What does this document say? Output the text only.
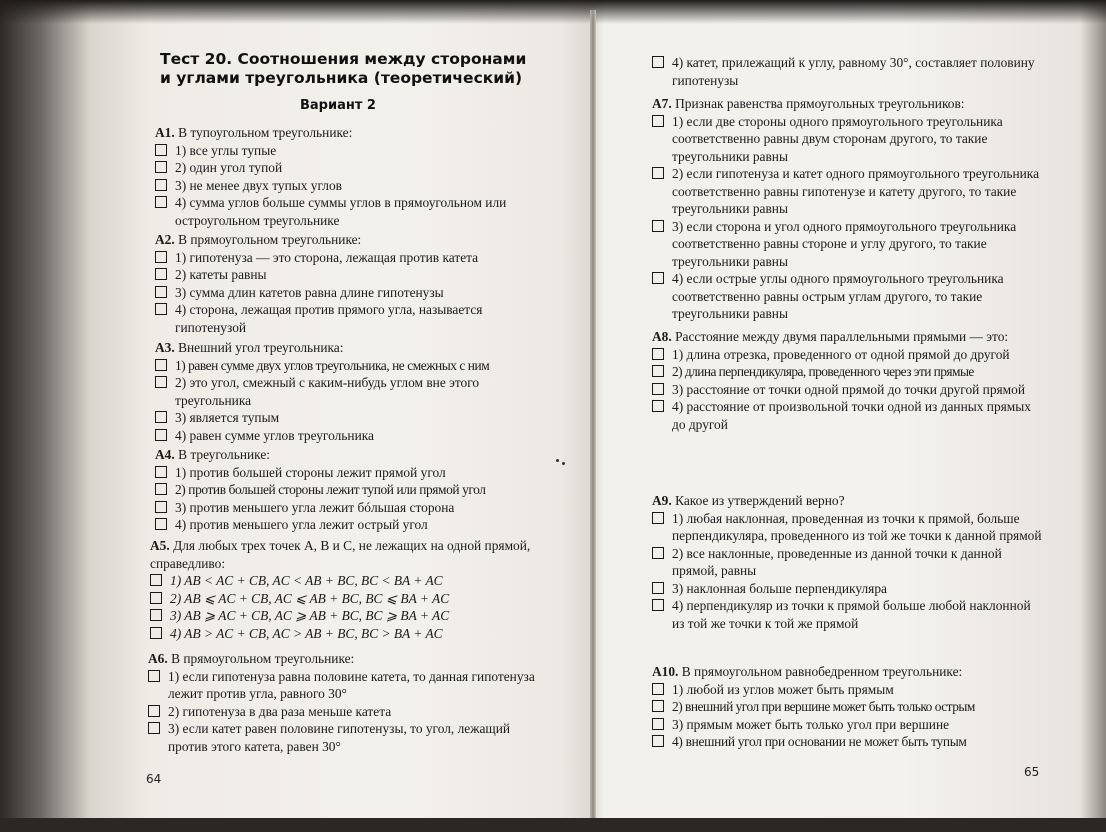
Тест 20. Соотношения между сторонами
и углами треугольника (теоретический)
Вариант 2
A1. В тупоугольном треугольнике:
1) все углы тупые
2) один угол тупой
3) не менее двух тупых углов
4) сумма углов больше суммы углов в прямоугольном или остроугольном треугольнике
A2. В прямоугольном треугольнике:
1) гипотенуза — это сторона, лежащая против катета
2) катеты равны
3) сумма длин катетов равна длине гипотенузы
4) сторона, лежащая против прямого угла, называется гипотенузой
A3. Внешний угол треугольника:
1) равен сумме двух углов треугольника, не смежных с ним
2) это угол, смежный с каким-нибудь углом вне этого треугольника
3) является тупым
4) равен сумме углов треугольника
A4. В треугольнике:
1) против большей стороны лежит прямой угол
2) против большей стороны лежит тупой или прямой угол
3) против меньшего угла лежит бóльшая сторона
4) против меньшего угла лежит острый угол
A5. Для любых трех точек A, B и C, не лежащих на одной прямой, справедливо:
1) AB < AC + CB, AC < AB + BC, BC < BA + AC
2) AB ⩽ AC + CB, AC ⩽ AB + BC, BC ⩽ BA + AC
3) AB ⩾ AC + CB, AC ⩾ AB + BC, BC ⩾ BA + AC
4) AB > AC + CB, AC > AB + BC, BC > BA + AC
A6. В прямоугольном треугольнике:
1) если гипотенуза равна половине катета, то данная гипотенуза лежит против угла, равного 30°
2) гипотенуза в два раза меньше катета
3) если катет равен половине гипотенузы, то угол, лежащий против этого катета, равен 30°
64
4) катет, прилежащий к углу, равному 30°, составляет половину гипотенузы
A7. Признак равенства прямоугольных треугольников:
1) если две стороны одного прямоугольного треугольника соответственно равны двум сторонам другого, то такие треугольники равны
2) если гипотенуза и катет одного прямоугольного треугольника соответственно равны гипотенузе и катету другого, то такие треугольники равны
3) если сторона и угол одного прямоугольного треугольника соответственно равны стороне и углу другого, то такие треугольники равны
4) если острые углы одного прямоугольного треугольника соответственно равны острым углам другого, то такие треугольники равны
A8. Расстояние между двумя параллельными прямыми — это:
1) длина отрезка, проведенного от одной прямой до другой
2) длина перпендикуляра, проведенного через эти прямые
3) расстояние от точки одной прямой до точки другой прямой
4) расстояние от произвольной точки одной из данных прямых до другой
A9. Какое из утверждений верно?
1) любая наклонная, проведенная из точки к прямой, больше перпендикуляра, проведенного из той же точки к данной прямой
2) все наклонные, проведенные из данной точки к данной прямой, равны
3) наклонная больше перпендикуляра
4) перпендикуляр из точки к прямой больше любой наклонной из той же точки к той же прямой
A10. В прямоугольном равнобедренном треугольнике:
1) любой из углов может быть прямым
2) внешний угол при вершине может быть только острым
3) прямым может быть только угол при вершине
4) внешний угол при основании не может быть тупым
65
